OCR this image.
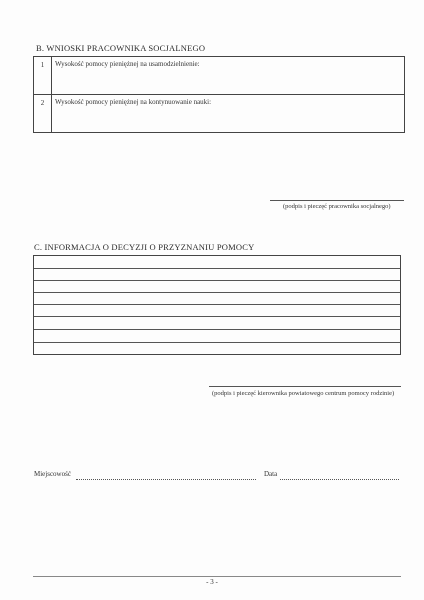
B. WNIOSKI PRACOWNIKA SOCJALNEGO
1	Wysokość pomocy pieniężnej na usamodzielnienie:
2	Wysokość pomocy pieniężnej na kontynuowanie nauki:
(podpis i pieczęć pracownika socjalnego)
C. INFORMACJA O DECYZJI O PRZYZNANIU POMOCY
(podpis i pieczęć kierownika powiatowego centrum pomocy rodzinie)
Miejscowość	Data
- 3 -
